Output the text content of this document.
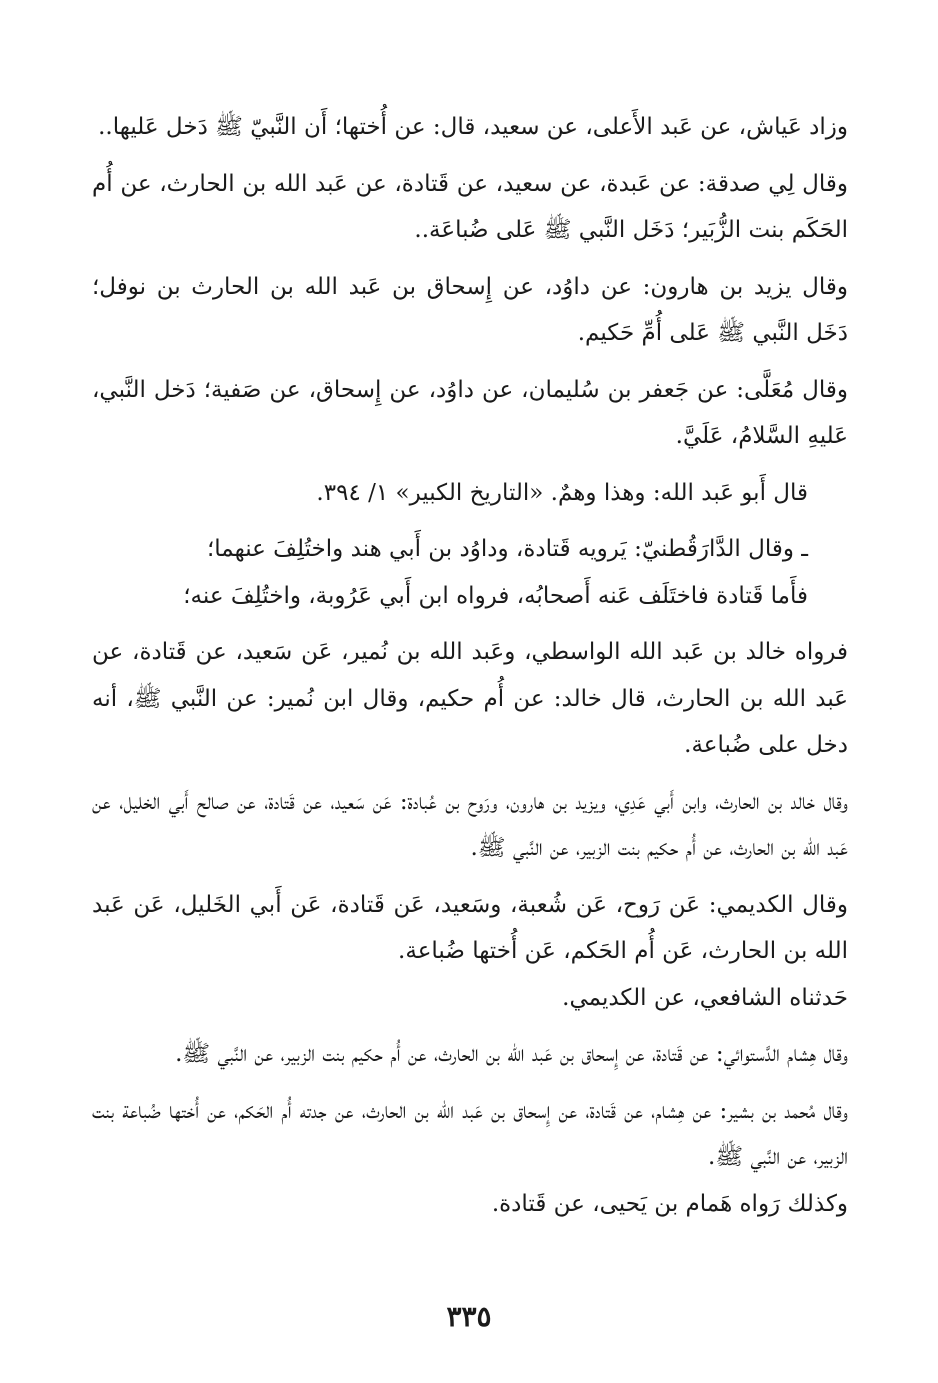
وزاد عَياش، عن عَبد الأَعلى، عن سعيد، قال: عن أُختها؛ أَن النَّبيّ ﷺ دَخل عَليها..

وقال لِي صدقة: عن عَبدة، عن سعيد، عن قَتادة، عن عَبد الله بن الحارث، عن أُم الحَكَم بنت الزُّبَير؛ دَخَل النَّبي ﷺ عَلى ضُباعَة..

وقال يزيد بن هارون: عن داوُد، عن إِسحاق بن عَبد الله بن الحارث بن نوفل؛ دَخَل النَّبي ﷺ عَلى أُمِّ حَكيم.

وقال مُعَلَّى: عن جَعفر بن سُليمان، عن داوُد، عن إِسحاق، عن صَفية؛ دَخل النَّبي، عَليهِ السَّلامُ، عَلَيَّ.

قال أَبو عَبد الله: وهذا وهمٌ. «التاريخ الكبير» ١/ ٣٩٤.

ـ وقال الدَّارَقُطنيّ: يَرويه قَتادة، وداوُد بن أَبي هند واختُلِفَ عنهما؛

فأَما قَتادة فاختَلَف عَنه أَصحابُه، فرواه ابن أَبي عَرُوبة، واختُلِفَ عنه؛

فرواه خالد بن عَبد الله الواسطي، وعَبد الله بن نُمير، عَن سَعيد، عن قَتادة، عن عَبد الله بن الحارث، قال خالد: عن أُم حكيم، وقال ابن نُمير: عن النَّبي ﷺ، أنه دخل على ضُباعة.

وقال خالد بن الحارث، وابن أَبي عَدِي، ويزيد بن هارون، ورَوح بن عُبادة: عَن سَعيد، عن قَتادة، عن صالح أَبي الخليل، عن عَبد الله بن الحارث، عن أُم حكيم بنت الزبير، عن النَّبي ﷺ.

وقال الكديمي: عَن رَوح، عَن شُعبة، وسَعيد، عَن قَتادة، عَن أَبي الخَليل، عَن عَبد الله بن الحارث، عَن أُم الحَكم، عَن أُختها ضُباعة.

حَدثناه الشافعي، عن الكديمي.

وقال هِشام الدَّستوائي: عن قَتادة، عن إِسحاق بن عَبد الله بن الحارث، عن أُم حكيم بنت الزبير، عن النَّبي ﷺ.

وقال مُحمد بن بشير: عن هِشام، عن قَتادة، عن إِسحاق بن عَبد الله بن الحارث، عن جدته أُم الحَكم، عن أُختها ضُباعة بنت الزبير، عن النَّبي ﷺ.

وكذلك رَواه هَمام بن يَحيى، عن قَتادة.

٣٣٥
